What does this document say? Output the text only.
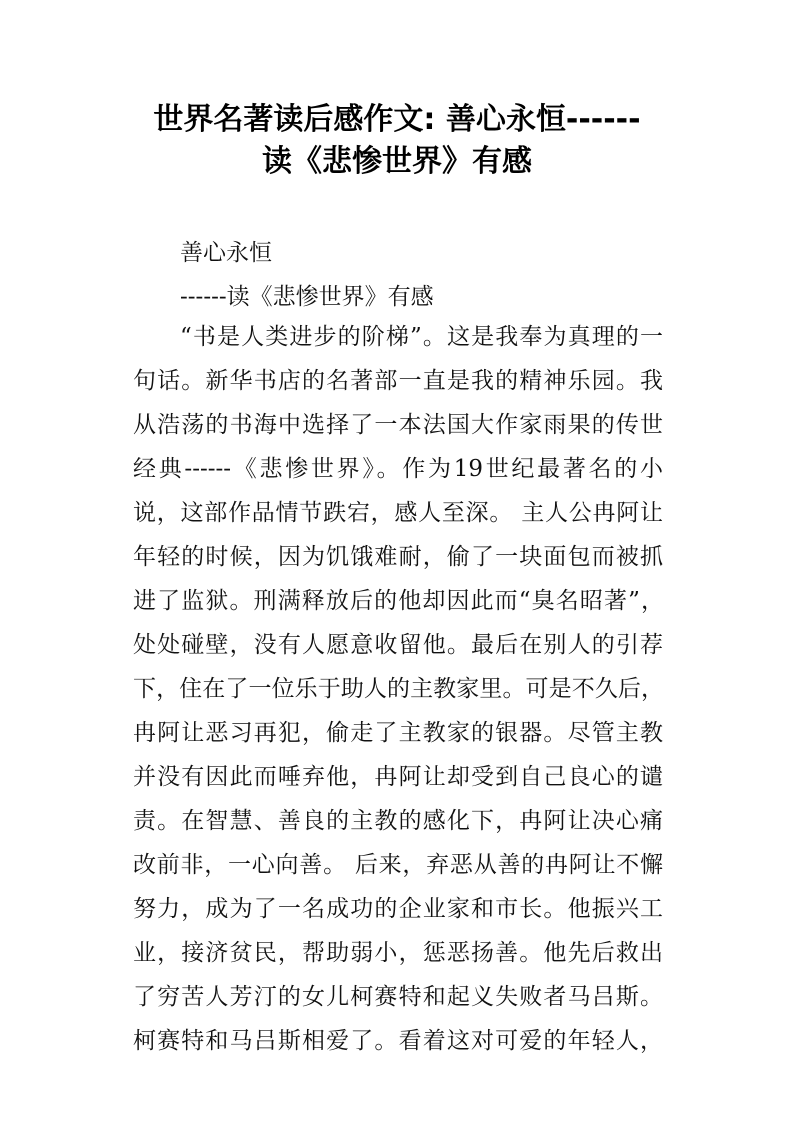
世界名著读后感作文: 善心永恒------
读《悲惨世界》有感

善心永恒

------读《悲惨世界》有感

“书是人类进步的阶梯”。这是我奉为真理的一

句话。新华书店的名著部一直是我的精神乐园。我

从浩荡的书海中选择了一本法国大作家雨果的传世

经典------《悲惨世界》。作为19世纪最著名的小

说，这部作品情节跌宕，感人至深。 主人公冉阿让

年轻的时候，因为饥饿难耐，偷了一块面包而被抓

进了监狱。刑满释放后的他却因此而“臭名昭著”，

处处碰壁，没有人愿意收留他。最后在别人的引荐

下，住在了一位乐于助人的主教家里。可是不久后，

冉阿让恶习再犯，偷走了主教家的银器。尽管主教

并没有因此而唾弃他，冉阿让却受到自己良心的谴

责。在智慧、善良的主教的感化下，冉阿让决心痛

改前非，一心向善。 后来，弃恶从善的冉阿让不懈

努力，成为了一名成功的企业家和市长。他振兴工

业，接济贫民，帮助弱小，惩恶扬善。他先后救出

了穷苦人芳汀的女儿柯赛特和起义失败者马吕斯。

柯赛特和马吕斯相爱了。看着这对可爱的年轻人，
